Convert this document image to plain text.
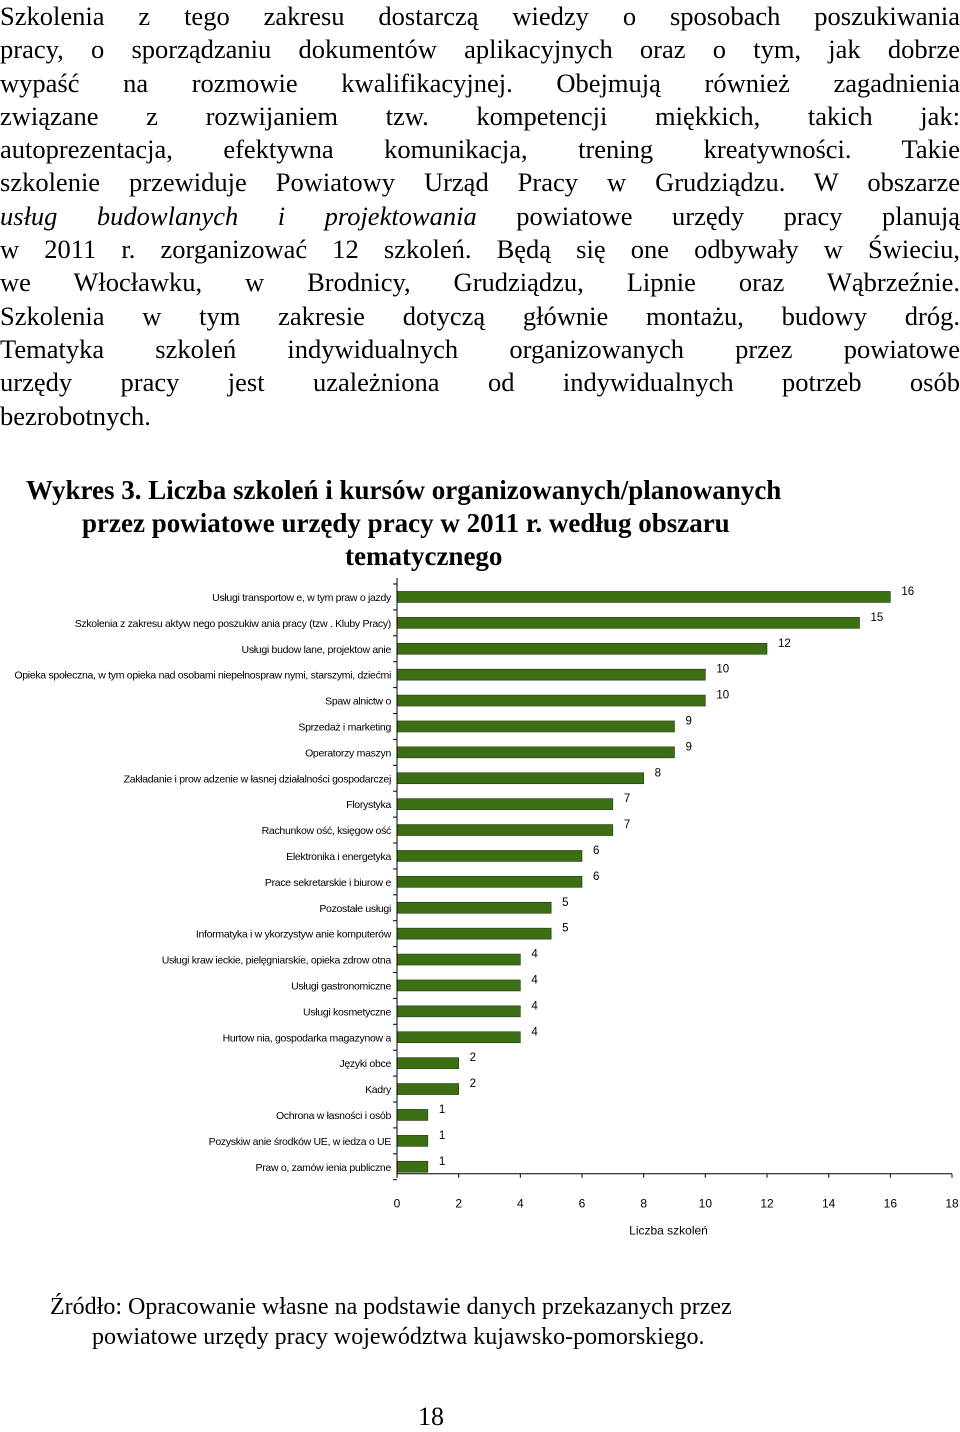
Szkolenia z tego zakresu dostarczą wiedzy o sposobach poszukiwania
pracy, o sporządzaniu dokumentów aplikacyjnych oraz o tym, jak dobrze
wypaść na rozmowie kwalifikacyjnej. Obejmują również zagadnienia
związane z rozwijaniem tzw. kompetencji miękkich, takich jak:
autoprezentacja, efektywna komunikacja, trening kreatywności. Takie
szkolenie przewiduje Powiatowy Urząd Pracy w Grudziądzu. W obszarze
usług budowlanych i projektowania powiatowe urzędy pracy planują
w 2011 r. zorganizować 12 szkoleń. Będą się one odbywały w Świeciu,
we Włocławku, w Brodnicy, Grudziądzu, Lipnie oraz Wąbrzeźnie.
Szkolenia w tym zakresie dotyczą głównie montażu, budowy dróg.
Tematyka szkoleń indywidualnych organizowanych przez powiatowe
urzędy pracy jest uzależniona od indywidualnych potrzeb osób
bezrobotnych.
Wykres 3. Liczba szkoleń i kursów organizowanych/planowanych
przez powiatowe urzędy pracy w 2011 r. według obszaru
tematycznego
Usługi transportow e, w tym praw o jazdy	16
Szkolenia z zakresu aktyw nego poszukiw ania pracy (tzw . Kluby Pracy)	15
Usługi budow lane, projektow anie	12
Opieka społeczna, w tym opieka nad osobami niepełnospraw nymi, starszymi, dziećmi	10
Spaw alnictw o	10
Sprzedaż i marketing	9
Operatorzy maszyn	9
Zakładanie i prow adzenie w łasnej działalności gospodarczej	8
Florystyka	7
Rachunkow ość, księgow ość	7
Elektronika i energetyka	6
Prace sekretarskie i biurow e	6
Pozostałe usługi	5
Informatyka i w ykorzystyw anie komputerów	5
Usługi kraw ieckie, pielęgniarskie, opieka zdrow otna	4
Usługi gastronomiczne	4
Usługi kosmetyczne	4
Hurtow nia, gospodarka magazynow a	4
Języki obce	2
Kadry	2
Ochrona w łasności i osób	1
Pozyskiw anie środków UE, w iedza o UE	1
Praw o, zamów ienia publiczne	1
0	2	4	6	8	10	12	14	16	18
Liczba szkoleń
Źródło: Opracowanie własne na podstawie danych przekazanych przez
powiatowe urzędy pracy województwa kujawsko-pomorskiego.
18
